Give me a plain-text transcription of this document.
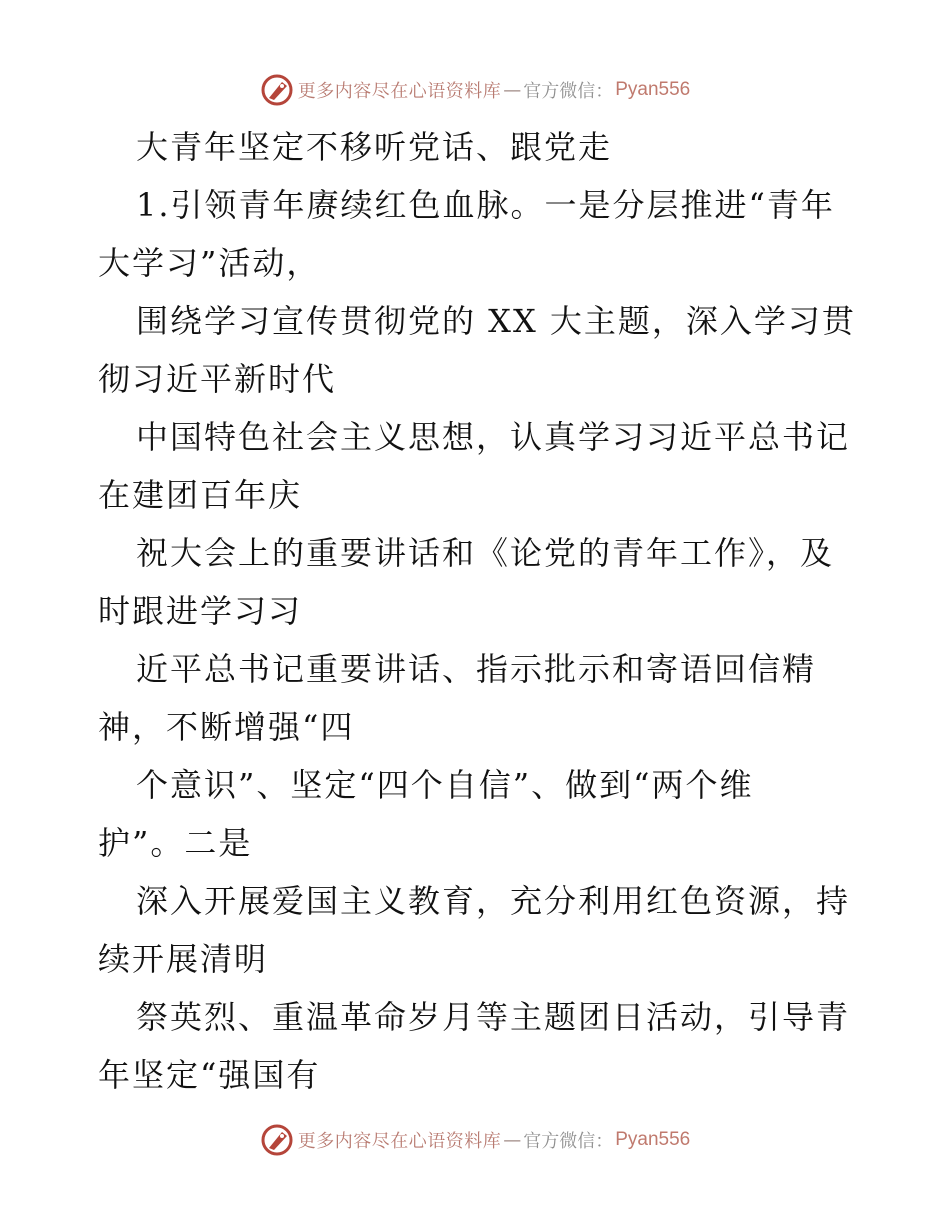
更多内容尽在心语资料库 — 官方微信： Pyan556
大青年坚定不移听党话、跟党走
1.引领青年赓续红色血脉。一是分层推进“青年
大学习”活动，
围绕学习宣传贯彻党的 XX 大主题，深入学习贯
彻习近平新时代
中国特色社会主义思想，认真学习习近平总书记
在建团百年庆
祝大会上的重要讲话和《论党的青年工作》，及
时跟进学习习
近平总书记重要讲话、指示批示和寄语回信精
神，不断增强“四
个意识”、坚定“四个自信”、做到“两个维
护”。二是
深入开展爱国主义教育，充分利用红色资源，持
续开展清明
祭英烈、重温革命岁月等主题团日活动，引导青
年坚定“强国有
更多内容尽在心语资料库 — 官方微信： Pyan556
